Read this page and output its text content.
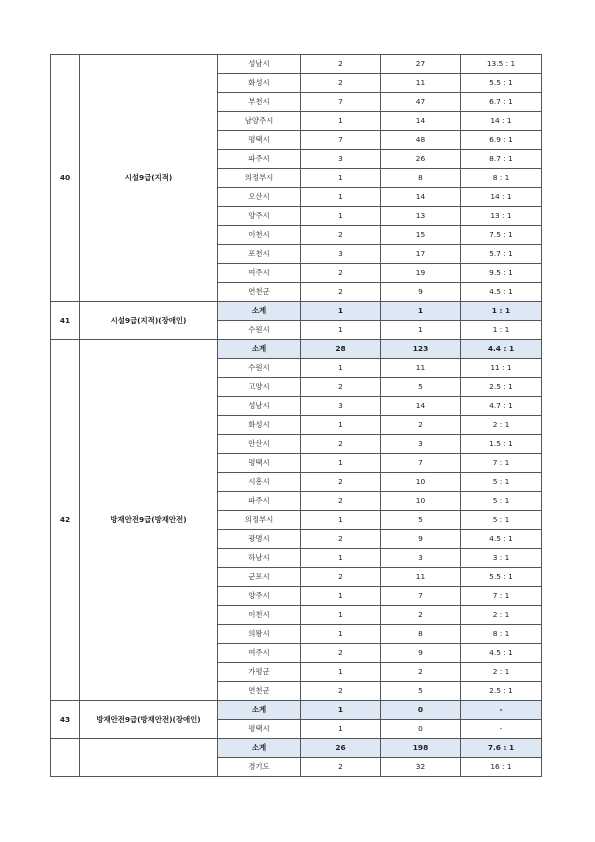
40	시설9급(지적)	성남시	2	27	13.5 : 1
		화성시	2	11	5.5 : 1
		부천시	7	47	6.7 : 1
		남양주시	1	14	14 : 1
		평택시	7	48	6.9 : 1
		파주시	3	26	8.7 : 1
		의정부시	1	8	8 : 1
		오산시	1	14	14 : 1
		양주시	1	13	13 : 1
		이천시	2	15	7.5 : 1
		포천시	3	17	5.7 : 1
		여주시	2	19	9.5 : 1
		연천군	2	9	4.5 : 1
41	시설9급(지적)(장애인)	소계	1	1	1 : 1
		수원시	1	1	1 : 1
42	방재안전9급(방재안전)	소계	28	123	4.4 : 1
		수원시	1	11	11 : 1
		고양시	2	5	2.5 : 1
		성남시	3	14	4.7 : 1
		화성시	1	2	2 : 1
		안산시	2	3	1.5 : 1
		평택시	1	7	7 : 1
		시흥시	2	10	5 : 1
		파주시	2	10	5 : 1
		의정부시	1	5	5 : 1
		광명시	2	9	4.5 : 1
		하남시	1	3	3 : 1
		군포시	2	11	5.5 : 1
		양주시	1	7	7 : 1
		이천시	1	2	2 : 1
		의왕시	1	8	8 : 1
		여주시	2	9	4.5 : 1
		가평군	1	2	2 : 1
		연천군	2	5	2.5 : 1
43	방재안전9급(방재안전)(장애인)	소계	1	0	-
		평택시	1	0	-
		소계	26	198	7.6 : 1
		경기도	2	32	16 : 1
